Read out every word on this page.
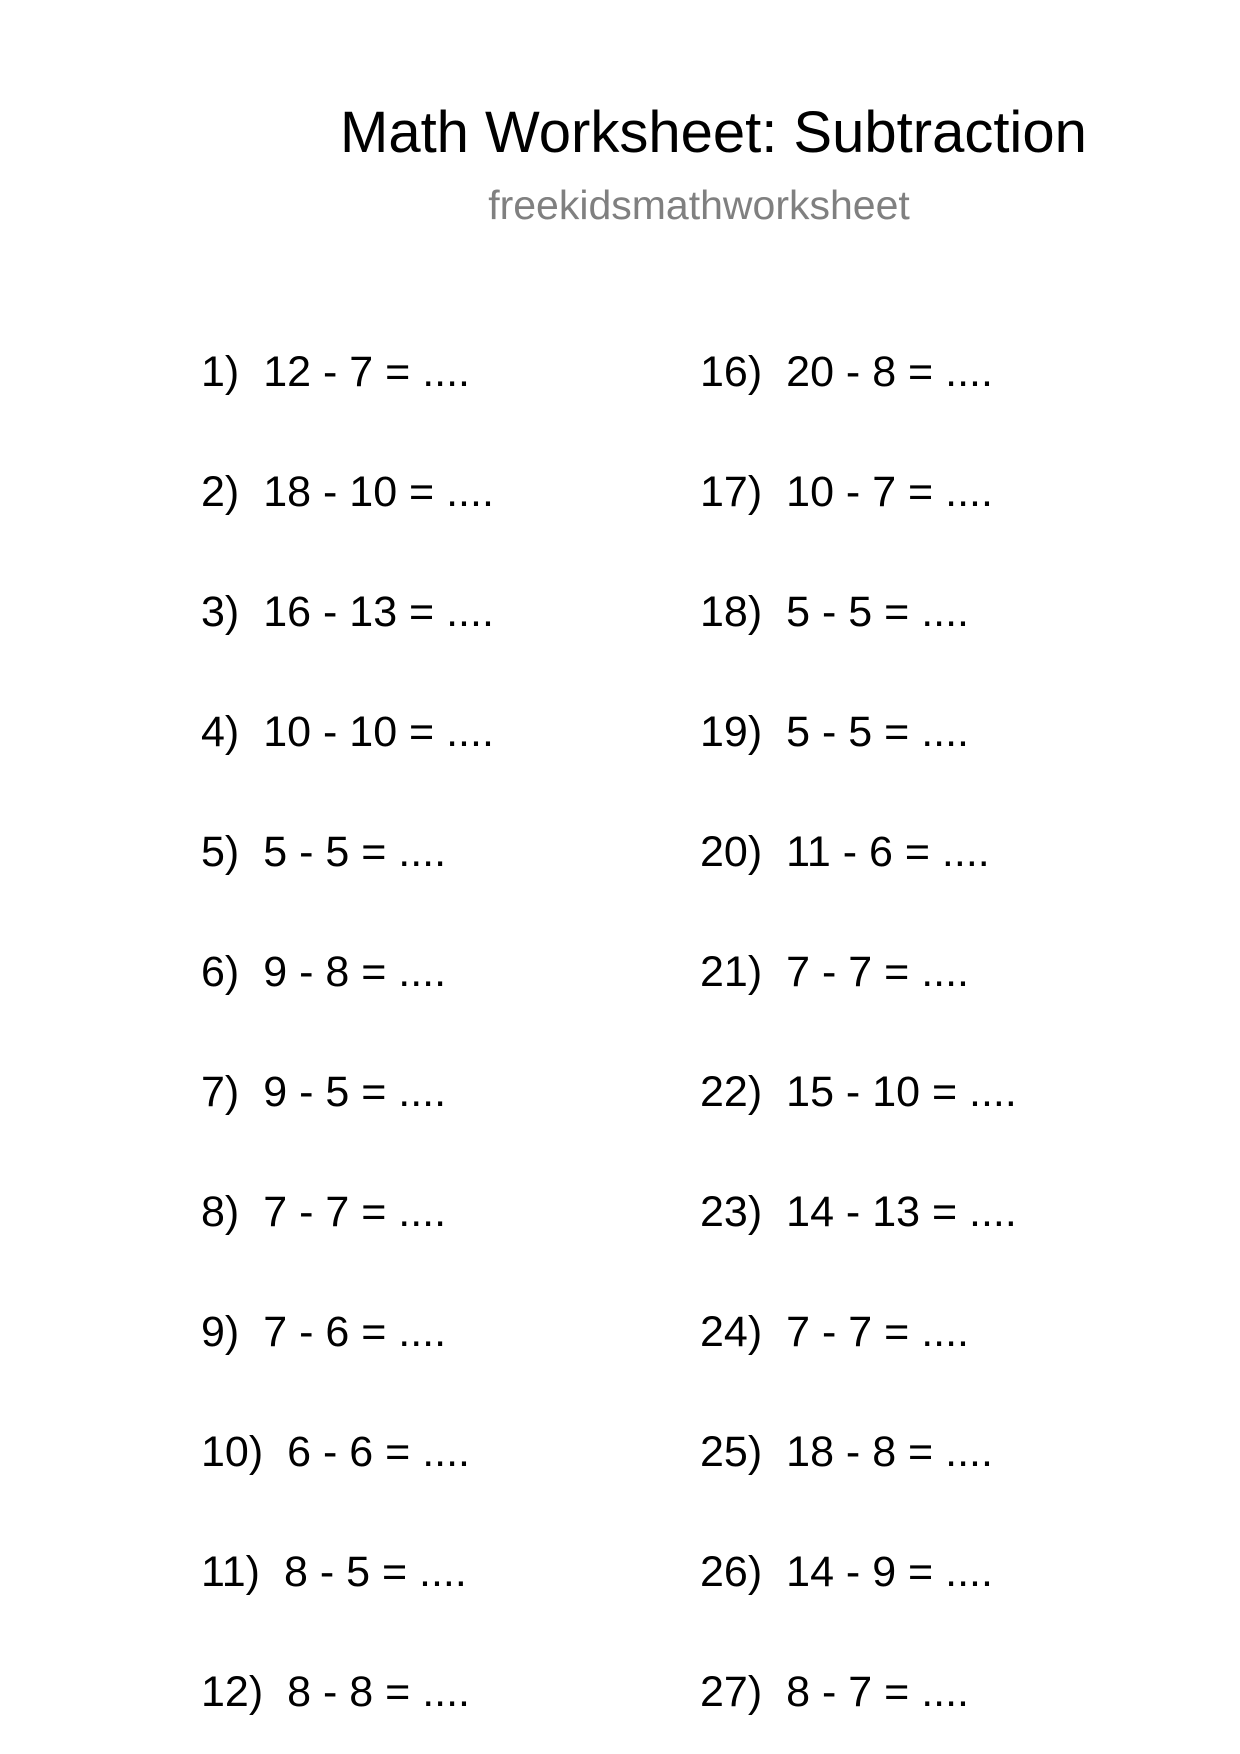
Math Worksheet: Subtraction
freekidsmathworksheet
1) 12 - 7 = ....
2) 18 - 10 = ....
3) 16 - 13 = ....
4) 10 - 10 = ....
5) 5 - 5 = ....
6) 9 - 8 = ....
7) 9 - 5 = ....
8) 7 - 7 = ....
9) 7 - 6 = ....
10) 6 - 6 = ....
11) 8 - 5 = ....
12) 8 - 8 = ....
16) 20 - 8 = ....
17) 10 - 7 = ....
18) 5 - 5 = ....
19) 5 - 5 = ....
20) 11 - 6 = ....
21) 7 - 7 = ....
22) 15 - 10 = ....
23) 14 - 13 = ....
24) 7 - 7 = ....
25) 18 - 8 = ....
26) 14 - 9 = ....
27) 8 - 7 = ....
